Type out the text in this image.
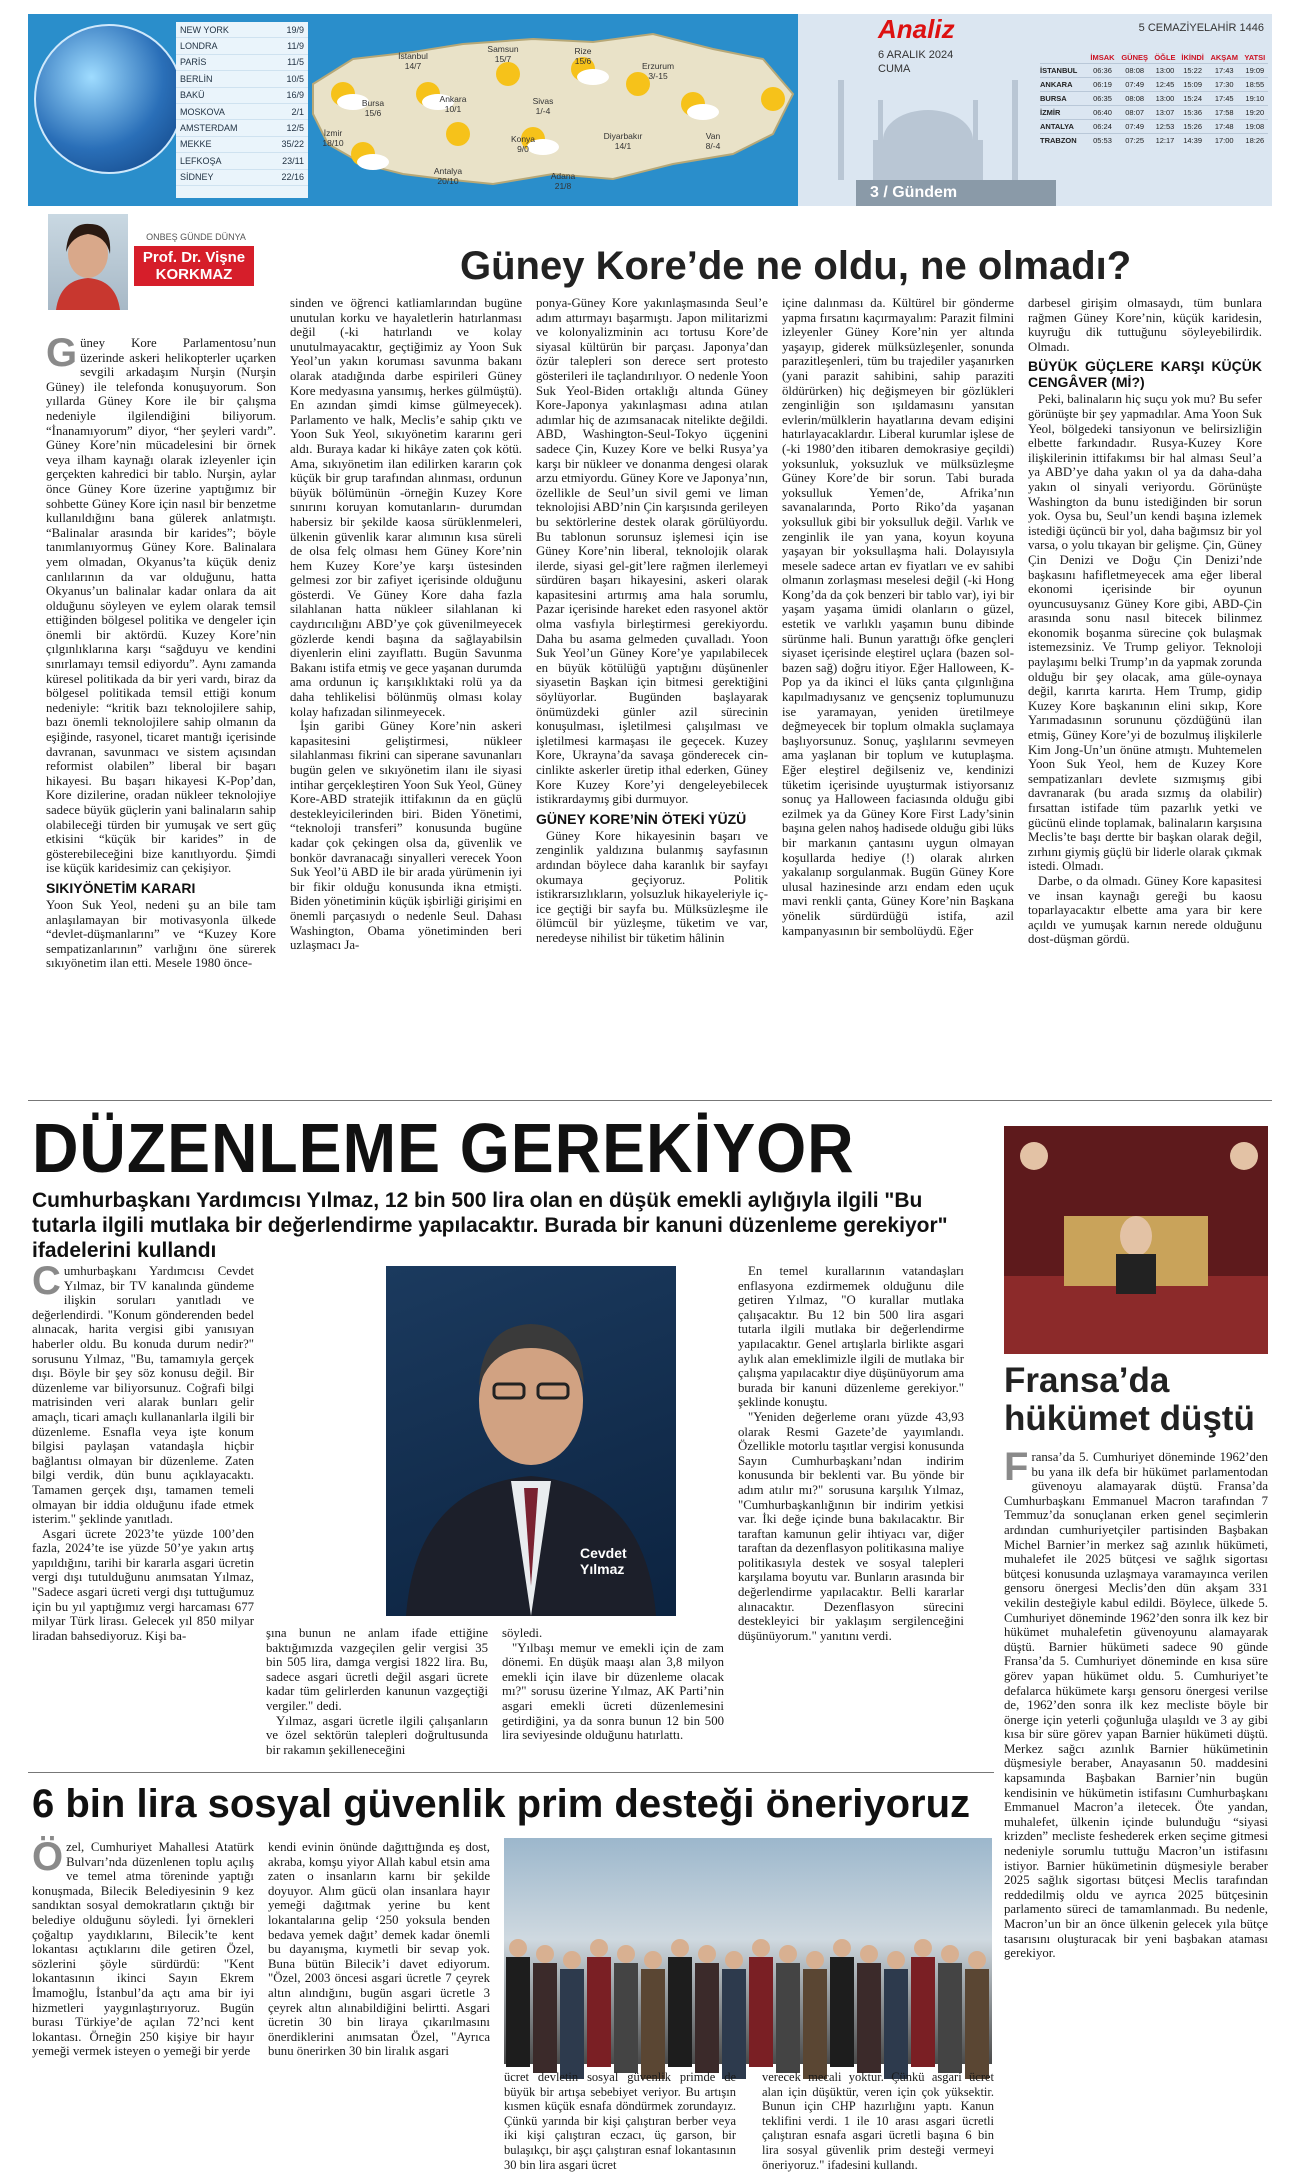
NEW YORK	19/9
LONDRA	11/9
PARİS	11/5
BERLİN	10/5
BAKÜ	16/9
MOSKOVA	2/1
AMSTERDAM	12/5
MEKKE	35/22
LEFKOŞA	23/11
SİDNEY	22/16
İstanbul 14/7
Samsun 15/7
Rize 15/6	Erzurum 3/-15
Bursa 15/6
Ankara 10/1
Sivas 1/-4
İzmir 18/10	Konya 9/0
Diyarbakır 14/1
Van 8/-4
Antalya 20/10	Adana 21/8
Analiz
6 ARALIK 2024
CUMA
5 CEMAZİYELAHİR 1446
	İMSAK	GÜNEŞ	ÖĞLE	İKİNDİ	AKŞAM	YATSI
İSTANBUL	06:36	08:08	13:00	15:22	17:43	19:09
ANKARA	06:19	07:49	12:45	15:09	17:30	18:55
BURSA	06:35	08:08	13:00	15:24	17:45	19:10
İZMİR	06:40	08:07	13:07	15:36	17:58	19:20
ANTALYA	06:24	07:49	12:53	15:26	17:48	19:08
TRABZON	05:53	07:25	12:17	14:39	17:00	18:26
3 / Gündem
ONBEŞ GÜNDE DÜNYA
Prof. Dr. Vişne KORKMAZ	Güney Kore’de ne oldu, ne olmadı?
G üney Kore Parlamentosu’nun üzerinde askeri helikopterler uçarken sevgili arkadaşım Nurşin (Nurşin Güney) ile telefonda konuşuyorum. Son yıllarda Güney Kore ile bir çalışma nedeniyle ilgilendiğini biliyorum. “İnanamıyorum” diyor, “her şeyleri vardı”. Güney Kore’nin mücadelesini bir örnek veya ilham kaynağı olarak izleyenler için gerçekten kahredici bir tablo. Nurşin, aylar önce Güney Kore üzerine yaptığımız bir sohbette Güney Kore için nasıl bir benzetme kullanıldığını bana gülerek anlatmıştı. “Balinalar arasında bir karides”; böyle tanımlanıyormuş Güney Kore. Balinalara yem olmadan, Okyanus’ta küçük deniz canlılarının da var olduğunu, hatta Okyanus’un balinalar kadar onlara da ait olduğunu söyleyen ve eylem olarak temsil ettiğinden bölgesel politika ve dengeler için önemli bir aktördü. Kuzey Kore’nin çılgınlıklarına karşı “sağduyu ve kendini sınırlamayı temsil ediyordu”. Aynı zamanda küresel politikada da bir yeri vardı, biraz da bölgesel politikada temsil ettiği konum nedeniyle: “kritik bazı teknolojilere sahip, bazı önemli teknolojilere sahip olmanın da eşiğinde, rasyonel, ticaret mantığı içerisinde davranan, savunmacı ve sistem açısından reformist olabilen” liberal bir başarı hikayesi. Bu başarı hikayesi K-Pop’dan, Kore dizilerine, oradan nükleer teknolojiye sadece büyük güçlerin yani balinaların sahip olabileceği türden bir yumuşak ve sert güç etkisini “küçük bir karides” in de gösterebileceğini bize kanıtlıyordu. Şimdi ise küçük karidesimiz can çekişiyor.

SIKIYÖNETİM KARARI

Yoon Suk Yeol, nedeni şu an bile tam anlaşılamayan bir motivasyonla ülkede “devlet-düşmanlarını” ve “Kuzey Kore sempatizanlarının” varlığını öne sürerek sıkıyönetim ilan etti. Mesele 1980 önce-

sinden ve öğrenci katliamlarından bugüne unutulan korku ve hayaletlerin hatırlanması değil (-ki hatırlandı ve kolay unutulmayacaktır, geçtiğimiz ay Yoon Suk Yeol’un yakın koruması savunma bakanı olarak atadığında darbe espirileri Güney Kore medyasına yansımış, herkes gülmüştü). En azından şimdi kimse gülmeyecek). Parlamento ve halk, Meclis’e sahip çıktı ve Yoon Suk Yeol, sıkıyönetim kararını geri aldı. Buraya kadar ki hikâye zaten çok kötü. Ama, sıkıyönetim ilan edilirken kararın çok küçük bir grup tarafından alınması, ordunun büyük bölümünün -örneğin Kuzey Kore sınırını koruyan komutanların- durumdan habersiz bir şekilde kaosa sürüklenmeleri, ülkenin güvenlik karar alımının kısa süreli de olsa felç olması hem Güney Kore’nin hem Kuzey Kore’ye karşı üstesinden gelmesi zor bir zafiyet içerisinde olduğunu gösterdi. Ve Güney Kore daha fazla silahlanan hatta nükleer silahlanan ki caydırıcılığını ABD’ye çok güvenilmeyecek gözlerde kendi başına da sağlayabilsin diyenlerin elini zayıflattı. Bugün Savunma Bakanı istifa etmiş ve gece yaşanan durumda ama ordunun iç karışıklıktaki rolü ya da daha tehlikelisi bölünmüş olması kolay kolay hafızadan silinmeyecek.

İşin garibi Güney Kore’nin askeri kapasitesini geliştirmesi, nükleer silahlanması fikrini can siperane savunanları bugün gelen ve sıkıyönetim ilanı ile siyasi intihar gerçekleştiren Yoon Suk Yeol, Güney Kore-ABD stratejik ittifakının da en güçlü destekleyicilerinden biri. Biden Yönetimi, “teknoloji transferi” konusunda bugüne kadar çok çekingen olsa da, güvenlik ve bonkör davranacağı sinyalleri verecek Yoon Suk Yeol’ü ABD ile bir arada yürümenin iyi bir fikir olduğu konusunda ikna etmişti. Biden yönetiminin küçük işbirliği girişimi en önemli parçasıydı o nedenle Seul. Dahası Washington, Obama yönetiminden beri uzlaşmacı Ja-

ponya-Güney Kore yakınlaşmasında Seul’e adım attırmayı başarmıştı. Japon militarizmi ve kolonyalizminin acı tortusu Kore’de siyasal kültürün bir parçası. Japonya’dan özür talepleri son derece sert protesto gösterileri ile taçlandırılıyor. O nedenle Yoon Suk Yeol-Biden ortaklığı altında Güney Kore-Japonya yakınlaşması adına atılan adımlar hiç de azımsanacak nitelikte değildi. ABD, Washington-Seul-Tokyo üçgenini sadece Çin, Kuzey Kore ve belki Rusya’ya karşı bir nükleer ve donanma dengesi olarak arzu etmiyordu. Güney Kore ve Japonya’nın, özellikle de Seul’un sivil gemi ve liman teknolojisi ABD’nin Çin karşısında gerileyen bu sektörlerine destek olarak görülüyordu. Bu tablonun sorunsuz işlemesi için ise Güney Kore’nin liberal, teknolojik olarak ilerde, siyasi gel-git’lere rağmen ilerlemeyi sürdüren başarı hikayesini, askeri olarak kapasitesini artırmış ama hala sorumlu, Pazar içerisinde hareket eden rasyonel aktör olma vasfıyla birleştirmesi gerekiyordu. Daha bu asama gelmeden çuvalladı. Yoon Suk Yeol’un Güney Kore’ye yapılabilecek en büyük kötülüğü yaptığını düşünenler siyasetin Başkan için bitmesi gerektiğini söylüyorlar. Bugünden başlayarak önümüzdeki günler azil sürecinin konuşulması, işletilmesi çalışılması ve işletilmesi karmaşası ile geçecek. Kuzey Kore, Ukrayna’da savaşa gönderecek cin-cinlikte askerler üretip ithal ederken, Güney Kore Kuzey Kore’yi dengeleyebilecek istikrardaymış gibi durmuyor.

GÜNEY KORE’NİN ÖTEKİ YÜZÜ

Güney Kore hikayesinin başarı ve zenginlik yaldızına bulanmış sayfasının ardından böylece daha karanlık bir sayfayı okumaya geçiyoruz. Politik istikrarsızlıkların, yolsuzluk hikayeleriyle iç-ice geçtiği bir sayfa bu. Mülksüzleşme ile ölümcül bir yüzleşme, tüketim ve var, neredeyse nihilist bir tüketim hâlinin

içine dalınması da. Kültürel bir gönderme yapma fırsatını kaçırmayalım: Parazit filmini izleyenler Güney Kore’nin yer altında yaşayıp, giderek mülksüzleşenler, sonunda parazitleşenleri, tüm bu trajediler yaşanırken (yani parazit sahibini, sahip paraziti öldürürken) hiç değişmeyen bir gözlükleri zenginliğin son ışıldamasını yansıtan evlerin/mülklerin hayatlarına devam edişini hatırlayacaklardır. Liberal kurumlar işlese de (-ki 1980’den itibaren demokrasiye geçildi) yoksunluk, yoksuzluk ve mülksüzleşme Güney Kore’de bir sorun. Tabi burada yoksulluk Yemen’de, Afrika’nın savanalarında, Porto Riko’da yaşanan yoksulluk gibi bir yoksulluk değil. Varlık ve zenginlik ile yan yana, koyun koyuna yaşayan bir yoksullaşma hali. Dolayısıyla mesele sadece artan ev fiyatları ve ev sahibi olmanın zorlaşması meselesi değil (-ki Hong Kong’da da çok benzeri bir tablo var), iyi bir yaşam yaşama ümidi olanların o güzel, estetik ve varlıklı yaşamın bunu dibinde sürünme hali. Bunun yarattığı öfke gençleri siyaset içerisinde eleştirel uçlara (bazen sol- bazen sağ) doğru itiyor. Eğer Halloween, K-Pop ya da ikinci el lüks çanta çılgınlığına kapılmadıysanız ve gençseniz toplumunuzu ise yaramayan, yeniden üretilmeye değmeyecek bir toplum olmakla suçlamaya başlıyorsunuz. Sonuç, yaşlılarını sevmeyen ama yaşlanan bir toplum ve kutuplaşma. Eğer eleştirel değilseniz ve, kendinizi tüketim içerisinde uyuşturmak istiyorsanız sonuç ya Halloween faciasında olduğu gibi ezilmek ya da Güney Kore First Lady’sinin başına gelen nahoş hadisede olduğu gibi lüks bir markanın çantasını uygun olmayan koşullarda hediye (!) olarak alırken yakalanıp sorgulanmak. Bugün Güney Kore ulusal hazinesinde arzı endam eden uçuk mavi renkli çanta, Güney Kore’nin Başkana yönelik sürdürdüğü istifa, azil kampanyasının bir sembolüydü. Eğer

darbesel girişim olmasaydı, tüm bunlara rağmen Güney Kore’nin, küçük karidesin, kuyruğu dik tuttuğunu söyleyebilirdik. Olmadı.

BÜYÜK GÜÇLERE KARŞI KÜÇÜK CENGÂVER (Mİ?)

Peki, balinaların hiç suçu yok mu? Bu sefer görünüşte bir şey yapmadılar. Ama Yoon Suk Yeol, bölgedeki tansiyonun ve belirsizliğin elbette farkındadır. Rusya-Kuzey Kore ilişkilerinin ittifakımsı bir hal alması Seul’a ya ABD’ye daha yakın ol ya da daha-daha yakın ol sinyali veriyordu. Görünüşte Washington da bunu istediğinden bir sorun yok. Oysa bu, Seul’un kendi başına izlemek istediği üçüncü bir yol, daha bağımsız bir yol varsa, o yolu tıkayan bir gelişme. Çin, Güney Çin Denizi ve Doğu Çin Denizi’nde başkasını hafifletmeyecek ama eğer liberal ekonomi içerisinde bir oyunun oyuncusuysanız Güney Kore gibi, ABD-Çin arasında sonu nasıl bitecek bilinmez ekonomik boşanma sürecine çok bulaşmak istemezsiniz. Ve Trump geliyor. Teknoloji paylaşımı belki Trump’ın da yapmak zorunda olduğu bir şey olacak, ama güle-oynaya değil, karırta karırta. Hem Trump, gidip Kuzey Kore başkanının elini sıkıp, Kore Yarımadasının sorununu çözdüğünü ilan etmiş, Güney Kore’yi de bozulmuş ilişkilerle Kim Jong-Un’un önüne atmıştı. Muhtemelen Yoon Suk Yeol, hem de Kuzey Kore sempatizanları devlete sızmışmış gibi davranarak (bu arada sızmış da olabilir) fırsattan istifade tüm pazarlık yetki ve gücünü elinde toplamak, balinaların karşısına Meclis’te başı dertte bir başkan olarak değil, zırhını giymiş güçlü bir liderle olarak çıkmak istedi. Olmadı.

Darbe, o da olmadı. Güney Kore kapasitesi ve insan kaynağı gereği bu kaosu toparlayacaktır elbette ama yara bir kere açıldı ve yumuşak karnın nerede olduğunu dost-düşman gördü.

DÜZENLEME GEREKİYOR
Cumhurbaşkanı Yardımcısı Yılmaz, 12 bin 500 lira olan en düşük emekli aylığıyla ilgili "Bu tutarla ilgili mutlaka bir değerlendirme yapılacaktır. Burada bir kanuni düzenleme gerekiyor" ifadelerini kullandı
C umhurbaşkanı Yardımcısı Cevdet Yılmaz, bir TV kanalında gündeme ilişkin soruları yanıtladı ve değerlendirdi. "Konum gönderenden bedel alınacak, harita vergisi gibi yanısıyan haberler oldu. Bu konuda durum nedir?" sorusunu Yılmaz, "Bu, tamamıyla gerçek dışı. Böyle bir şey söz konusu değil. Bir düzenleme var biliyorsunuz. Coğrafi bilgi matrisinden veri alarak bunları gelir amaçlı, ticari amaçlı kullananlarla ilgili bir düzenleme. Esnafla veya işte konum bilgisi paylaşan vatandaşla hiçbir bağlantısı olmayan bir düzenleme. Zaten bilgi verdik, dün bunu açıklayacaktı. Tamamen gerçek dışı, tamamen temeli olmayan bir iddia olduğunu ifade etmek isterim." şeklinde yanıtladı.

Asgari ücrete 2023’te yüzde 100’den fazla, 2024’te ise yüzde 50’ye yakın artış yapıldığını, tarihi bir kararla asgari ücretin vergi dışı tutulduğunu anımsatan Yılmaz, "Sadece asgari ücreti vergi dışı tuttuğumuz için bu yıl yaptığımız vergi harcaması 677 milyar Türk lirası. Gelecek yıl 850 milyar liradan bahsediyoruz. Kişi ba-

Cevdet
Yılmaz

şına bunun ne anlam ifade ettiğine baktığımızda vazgeçilen gelir vergisi 35 bin 505 lira, damga vergisi 1822 lira. Bu, sadece asgari ücretli değil asgari ücrete kadar tüm gelirlerden kanunun vazgeçtiği vergiler." dedi.

Yılmaz, asgari ücretle ilgili çalışanların ve özel sektörün talepleri doğrultusunda bir rakamın şekilleneceğini

söyledi.

"Yılbaşı memur ve emekli için de zam dönemi. En düşük maaşı alan 3,8 milyon emekli için ilave bir düzenleme olacak mı?" sorusu üzerine Yılmaz, AK Parti’nin asgari emekli ücreti düzenlemesini getirdiğini, ya da sonra bunun 12 bin 500 lira seviyesinde olduğunu hatırlattı.

En temel kurallarının vatandaşları enflasyona ezdirmemek olduğunu dile getiren Yılmaz, "O kurallar mutlaka çalışacaktır. Bu 12 bin 500 lira asgari tutarla ilgili mutlaka bir değerlendirme yapılacaktır. Genel artışlarla birlikte asgari aylık alan emeklimizle ilgili de mutlaka bir çalışma yapılacaktır diye düşünüyorum ama burada bir kanuni düzenleme gerekiyor." şeklinde konuştu.

"Yeniden değerleme oranı yüzde 43,93 olarak Resmi Gazete’de yayımlandı. Özellikle motorlu taşıtlar vergisi konusunda Sayın Cumhurbaşkanı’ndan indirim konusunda bir beklenti var. Bu yönde bir adım atılır mı?" sorusuna karşılık Yılmaz, "Cumhurbaşkanlığının bir indirim yetkisi var. İki değe içinde buna bakılacaktır. Bir taraftan kamunun gelir ihtiyacı var, diğer taraftan da dezenflasyon politikasına maliye politikasıyla destek ve sosyal talepleri karşılama boyutu var. Bunların arasında bir değerlendirme yapılacaktır. Belli kararlar alınacaktır. Dezenflasyon sürecini destekleyici bir yaklaşım sergilenceğini düşünüyorum." yanıtını verdi.

Fransa’da hükümet düştü
F ransa’da 5. Cumhuriyet döneminde 1962’den bu yana ilk defa bir hükümet parlamentodan güvenoyu alamayarak düştü. Fransa’da Cumhurbaşkanı Emmanuel Macron tarafından 7 Temmuz’da sonuçlanan erken genel seçimlerin ardından cumhuriyetçiler partisinden Başbakan Michel Barnier’in merkez sağ azınlık hükümeti, muhalefet ile 2025 bütçesi ve sağlık sigortası bütçesi konusunda uzlaşmaya varamayınca verilen gensoru önergesi Meclis’den dün akşam 331 vekilin desteğiyle kabul edildi. Böylece, ülkede 5. Cumhuriyet döneminde 1962’den sonra ilk kez bir hükümet muhalefetin güvenoyunu alamayarak düştü. Barnier hükümeti sadece 90 günde Fransa’da 5. Cumhuriyet döneminde en kısa süre görev yapan hükümet oldu. 5. Cumhuriyet’te defalarca hükümete karşı gensoru önergesi verilse de, 1962’den sonra ilk kez mecliste böyle bir önerge için yeterli çoğunluğa ulaşıldı ve 3 ay gibi kısa bir süre görev yapan Barnier hükümeti düştü. Merkez sağcı azınlık Barnier hükümetinin düşmesiyle beraber, Anayasanın 50. maddesini kapsamında Başbakan Barnier’nin bugün kendisinin ve hükümetin istifasını Cumhurbaşkanı Emmanuel Macron’a iletecek. Öte yandan, muhalefet, ülkenin içinde bulunduğu “siyasi krizden” mecliste feshederek erken seçime gitmesi nedeniyle sorumlu tuttuğu Macron’un istifasını istiyor. Barnier hükümetinin düşmesiyle beraber 2025 sağlık sigortası bütçesi Meclis tarafından reddedilmiş oldu ve ayrıca 2025 bütçesinin parlamento süreci de tamamlanmadı. Bu nedenle, Macron’un bir an önce ülkenin gelecek yıla bütçe tasarısını oluşturacak bir yeni başbakan ataması gerekiyor.

6 bin lira sosyal güvenlik prim desteği öneriyoruz
Ö zel, Cumhuriyet Mahallesi Atatürk Bulvarı’nda düzenlenen toplu açılış ve temel atma töreninde yaptığı konuşmada, Bilecik Belediyesinin 9 kez sandıktan sosyal demokratların çıktığı bir belediye olduğunu söyledi. İyi örnekleri çoğaltıp yaydıklarını, Bilecik’te kent lokantası açtıklarını dile getiren Özel, sözlerini şöyle sürdürdü: "Kent lokantasının ikinci Sayın Ekrem İmamoğlu, İstanbul’da açtı ama bir iyi hizmetleri yaygınlaştırıyoruz. Bugün burası Türkiye’de açılan 72’nci kent lokantası. Örneğin 250 kişiye bir hayır yemeği vermek isteyen o yemeği bir yerde

kendi evinin önünde dağıttığında eş dost, akraba, komşu yiyor Allah kabul etsin ama zaten o insanların karnı bir şekilde doyuyor. Alım gücü olan insanlara hayır yemeği dağıtmak yerine bu kent lokantalarına gelip ‘250 yoksula benden bedava yemek dağıt’ demek kadar önemli bu dayanışma, kıymetli bir sevap yok. Buna bütün Bilecik’i davet ediyorum. "Özel, 2003 öncesi asgari ücretle 7 çeyrek altın alındığını, bugün asgari ücretle 3 çeyrek altın alınabildiğini belirtti. Asgari ücretin 30 bin liraya çıkarılmasını önerdiklerini anımsatan Özel, "Ayrıca bunu önerirken 30 bin liralık asgari

ücret devletin sosyal güvenlik primde de büyük bir artışa sebebiyet veriyor. Bu artışın kısmen küçük esnafa döndürmek zorundayız. Çünkü yarında bir kişi çalıştıran berber veya iki kişi çalıştıran eczacı, üç garson, bir bulaşıkçı, bir aşçı çalıştıran esnaf lokantasının 30 bin lira asgari ücret

verecek mecali yoktur. Çünkü asgari ücret alan için düşüktür, veren için çok yüksektir. Bunun için CHP hazırlığını yaptı. Kanun teklifini verdi. 1 ile 10 arası asgari ücretli çalıştıran esnafa asgari ücretli başına 6 bin lira sosyal güvenlik prim desteği vermeyi öneriyoruz." ifadesini kullandı.
